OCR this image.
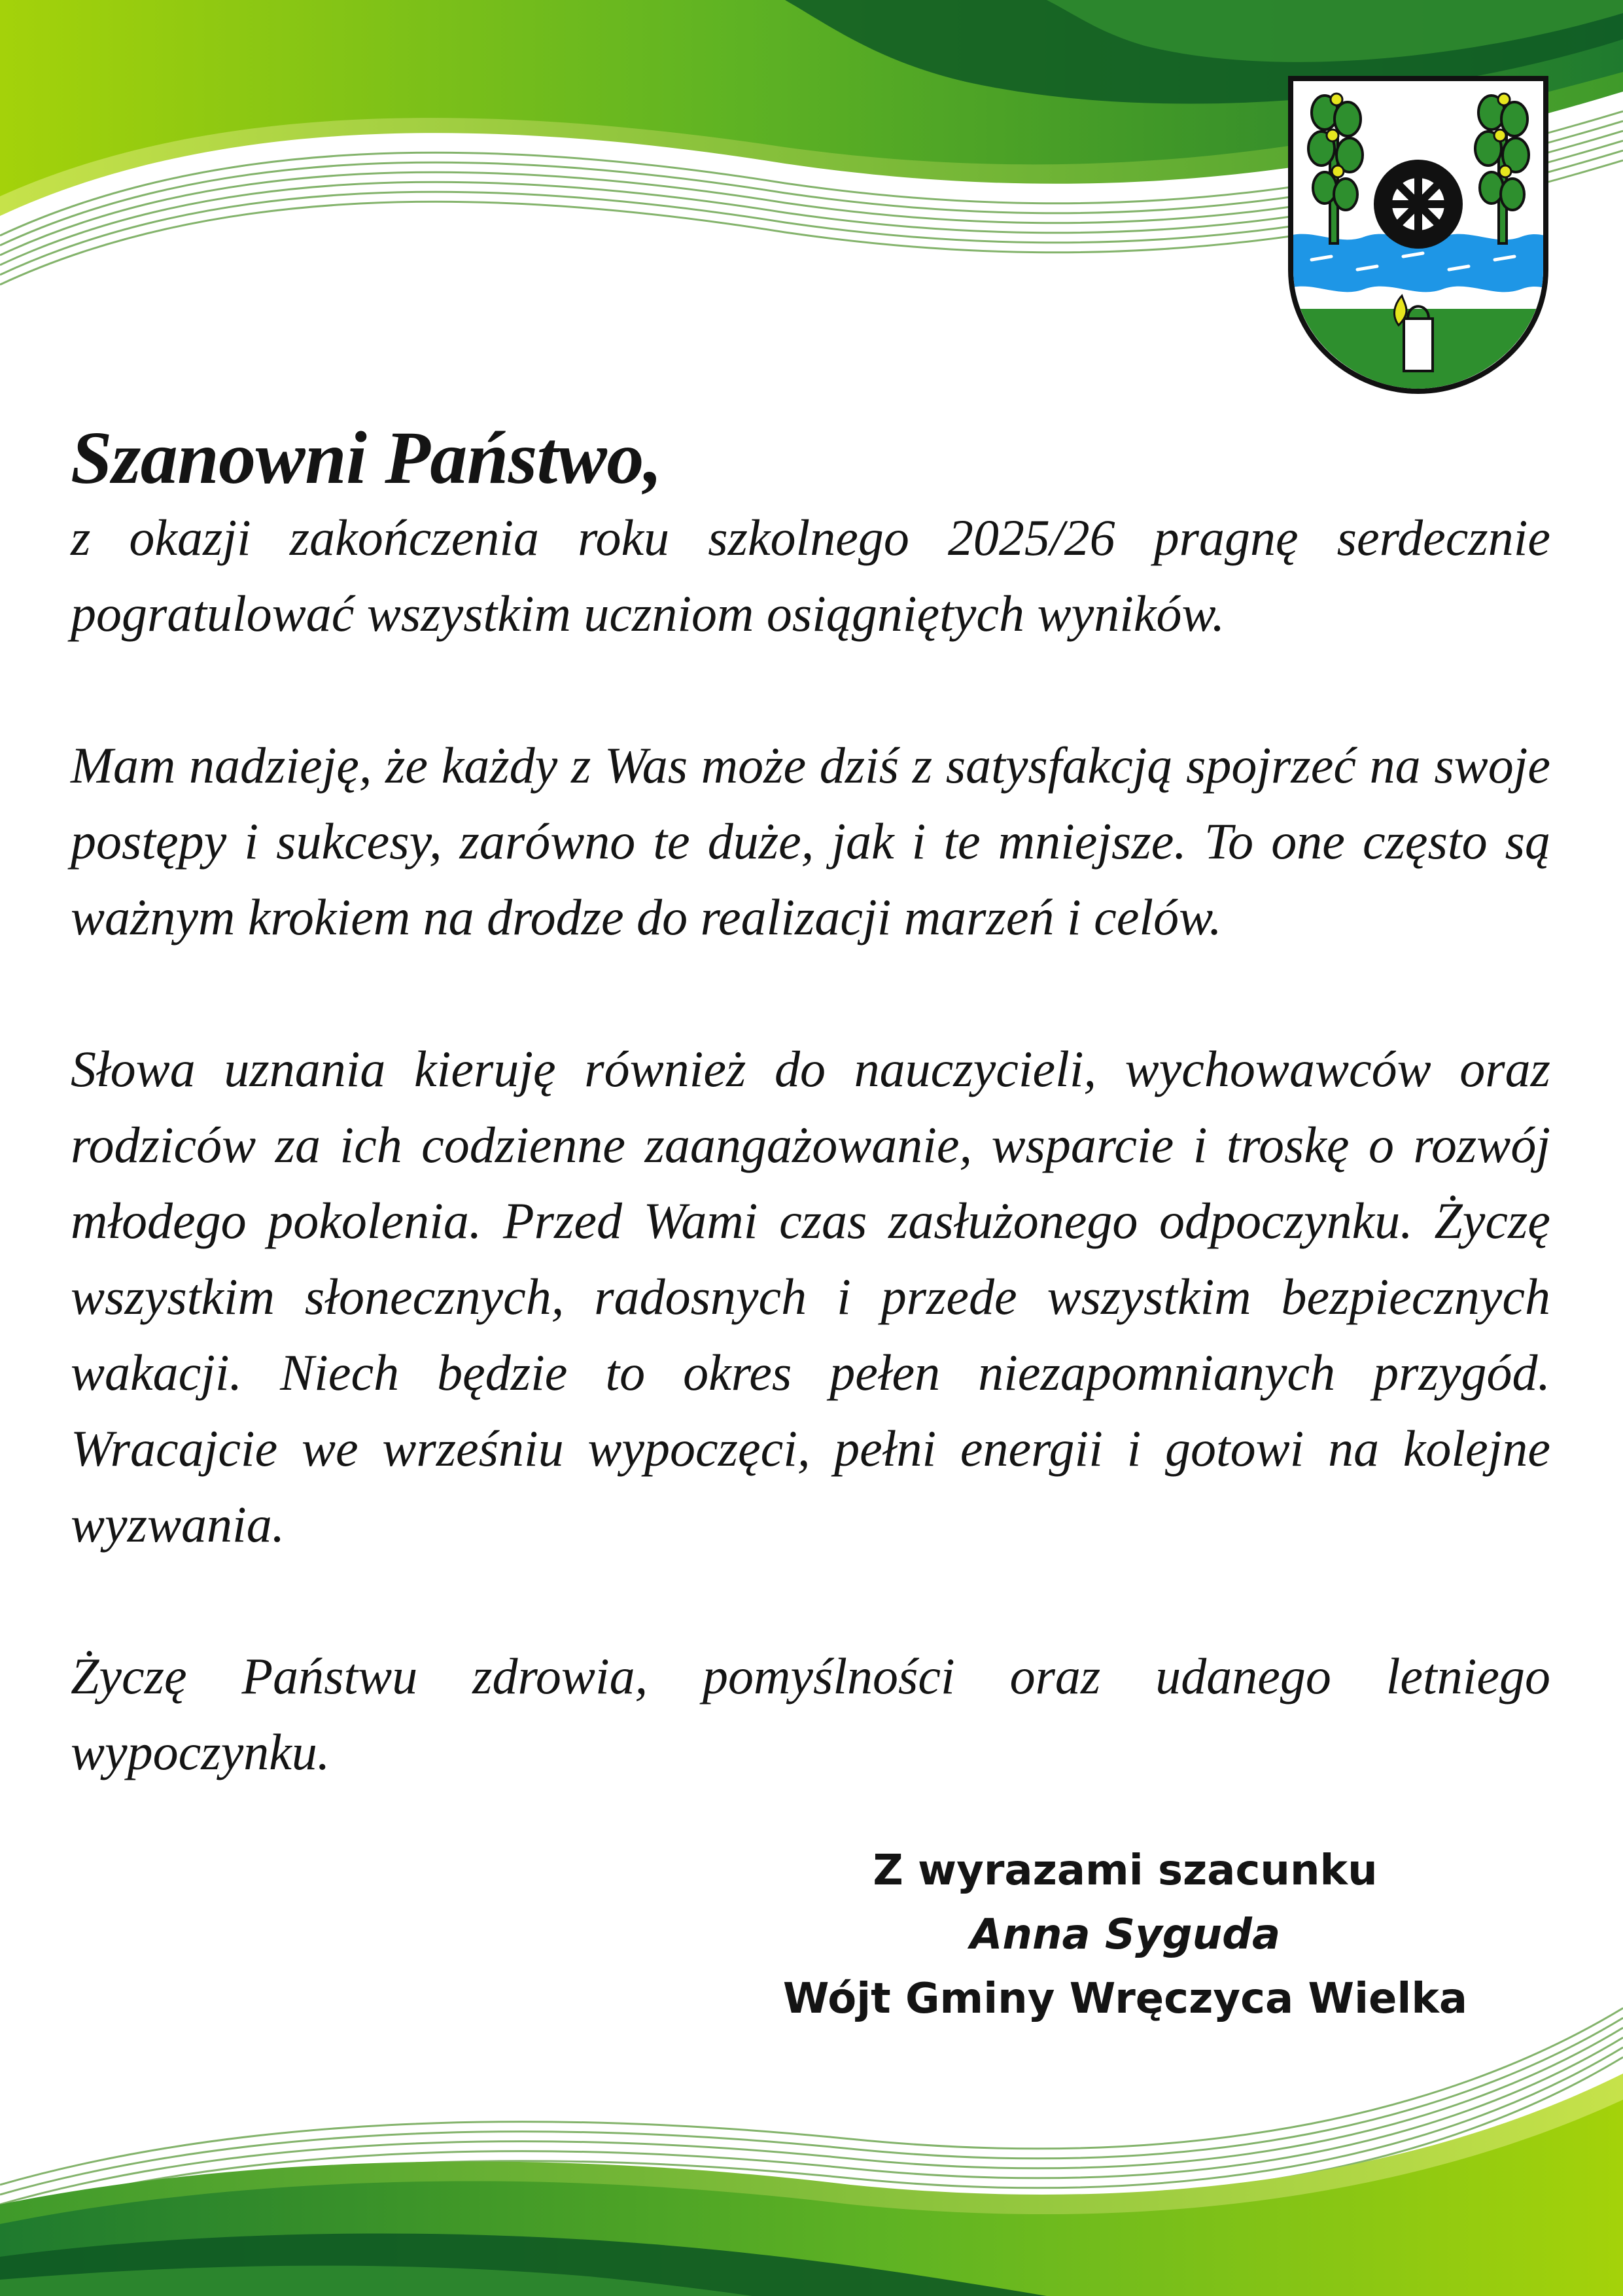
Szanowni Państwo,

z okazji zakończenia roku szkolnego 2025/26 pragnę serdecznie pogratulować wszystkim uczniom osiągniętych wyników.

Mam nadzieję, że każdy z Was może dziś z satysfakcją spojrzeć na swoje postępy i sukcesy, zarówno te duże, jak i te mniejsze. To one często są ważnym krokiem na drodze do realizacji marzeń i celów.

Słowa uznania kieruję również do nauczycieli, wychowawców oraz rodziców za ich codzienne zaangażowanie, wsparcie i troskę o rozwój młodego pokolenia. Przed Wami czas zasłużonego odpoczynku. Życzę wszystkim słonecznych, radosnych i przede wszystkim bezpiecznych wakacji. Niech będzie to okres pełen niezapomnianych przygód. Wracajcie we wrześniu wypoczęci, pełni energii i gotowi na kolejne wyzwania.

Życzę Państwu zdrowia, pomyślności oraz udanego letniego wypoczynku.

Z wyrazami szacunku
Anna Syguda
Wójt Gminy Wręczyca Wielka
